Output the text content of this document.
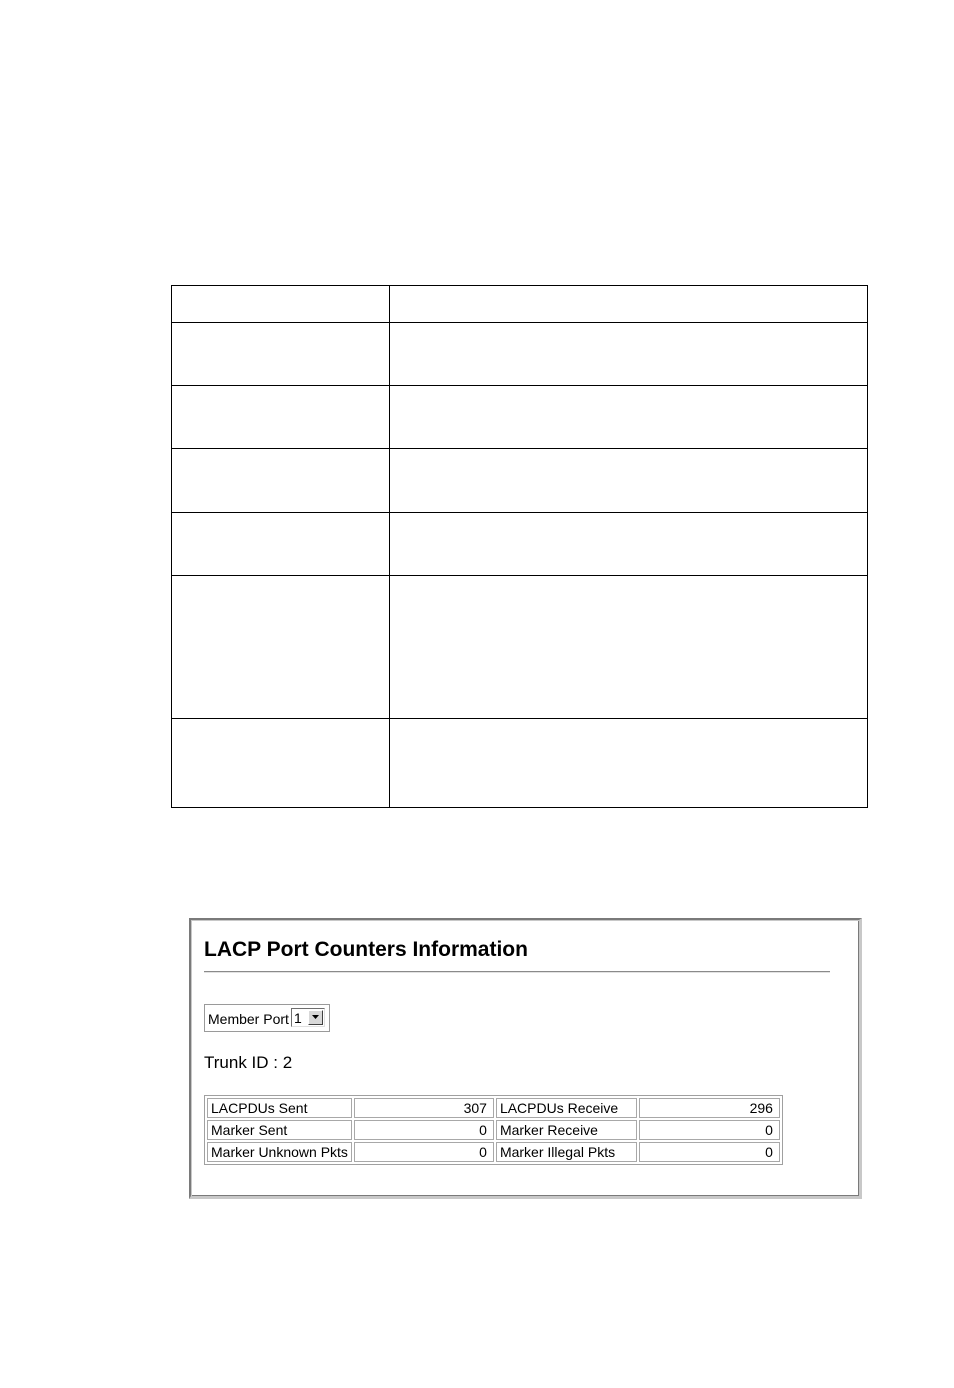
LACP Port Counters Information
Member Port 1
Trunk ID : 2
LACPDUs Sent	307	LACPDUs Receive	296
Marker Sent	0	Marker Receive	0
Marker Unknown Pkts	0	Marker Illegal Pkts	0
